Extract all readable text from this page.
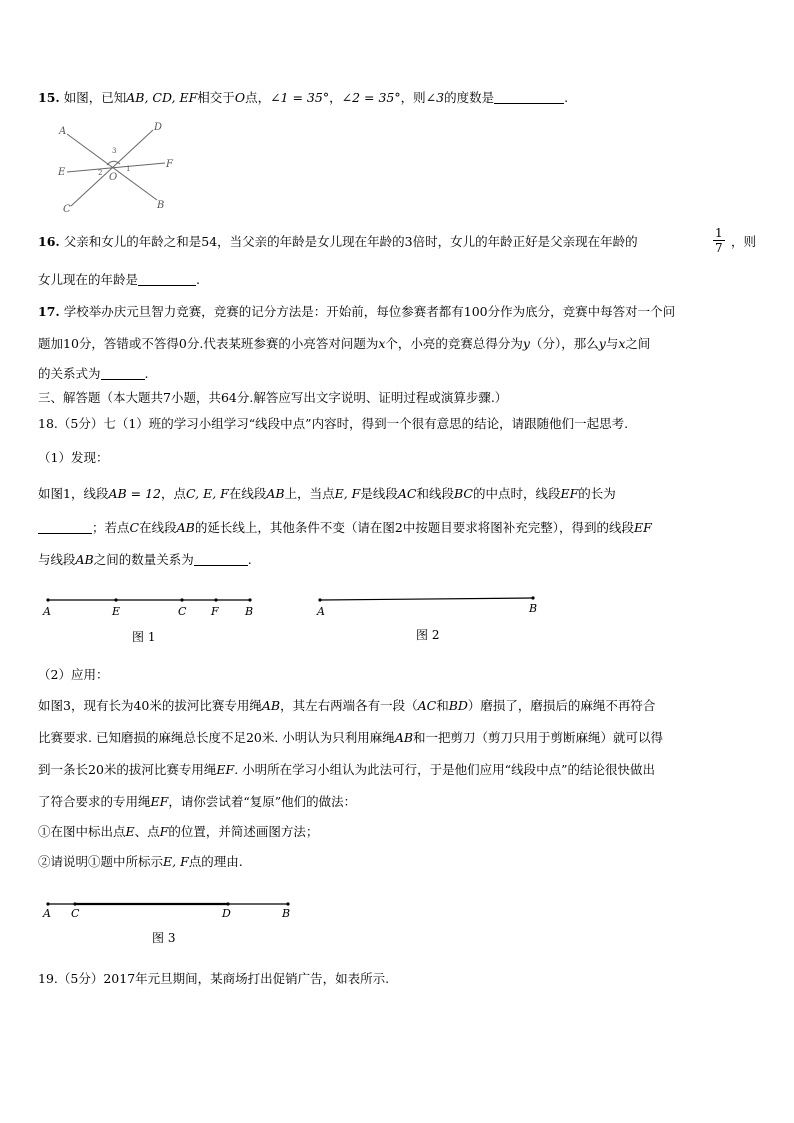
15. 如图，已知AB, CD, EF相交于O点，∠1 = 35°，∠2 = 35°，则∠3的度数是	.
A	D
E
F
C	B
O
1
2
3
16. 父亲和女儿的年龄之和是54，当父亲的年龄是女儿现在年龄的3倍时，女儿的年龄正好是父亲现在年龄的	$\frac{1}{7}$ ，则
女儿现在的年龄是	.
17. 学校举办庆元旦智力竞赛，竞赛的记分方法是：开始前，每位参赛者都有100分作为底分，竞赛中每答对一个问
题加10分，答错或不答得0分.代表某班参赛的小亮答对问题为x个，小亮的竞赛总得分为y（分），那么y与x之间
的关系式为	.
三、解答题（本大题共7小题，共64分.解答应写出文字说明、证明过程或演算步骤.）
18.（5分）七（1）班的学习小组学习“线段中点”内容时，得到一个很有意思的结论，请跟随他们一起思考.
（1）发现：
如图1，线段AB = 12，点C, E, F在线段AB上，当点E, F是线段AC和线段BC的中点时，线段EF的长为
；若点C在线段AB的延长线上，其他条件不变（请在图2中按题目要求将图补充完整），得到的线段EF
与线段AB之间的数量关系为	.
A	E	C F B
图 1
A	B
图 2
（2）应用：
如图3，现有长为40米的拔河比赛专用绳AB，其左右两端各有一段（AC和BD）磨损了，磨损后的麻绳不再符合
比赛要求. 已知磨损的麻绳总长度不足20米. 小明认为只利用麻绳AB和一把剪刀（剪刀只用于剪断麻绳）就可以得
到一条长20米的拔河比赛专用绳EF. 小明所在学习小组认为此法可行，于是他们应用“线段中点”的结论很快做出
了符合要求的专用绳EF，请你尝试着“复原”他们的做法：
①在图中标出点E、点F的位置，并简述画图方法；
②请说明①题中所标示E, F点的理由.
A C	D	B
图 3
19.（5分）2017年元旦期间，某商场打出促销广告，如表所示.
